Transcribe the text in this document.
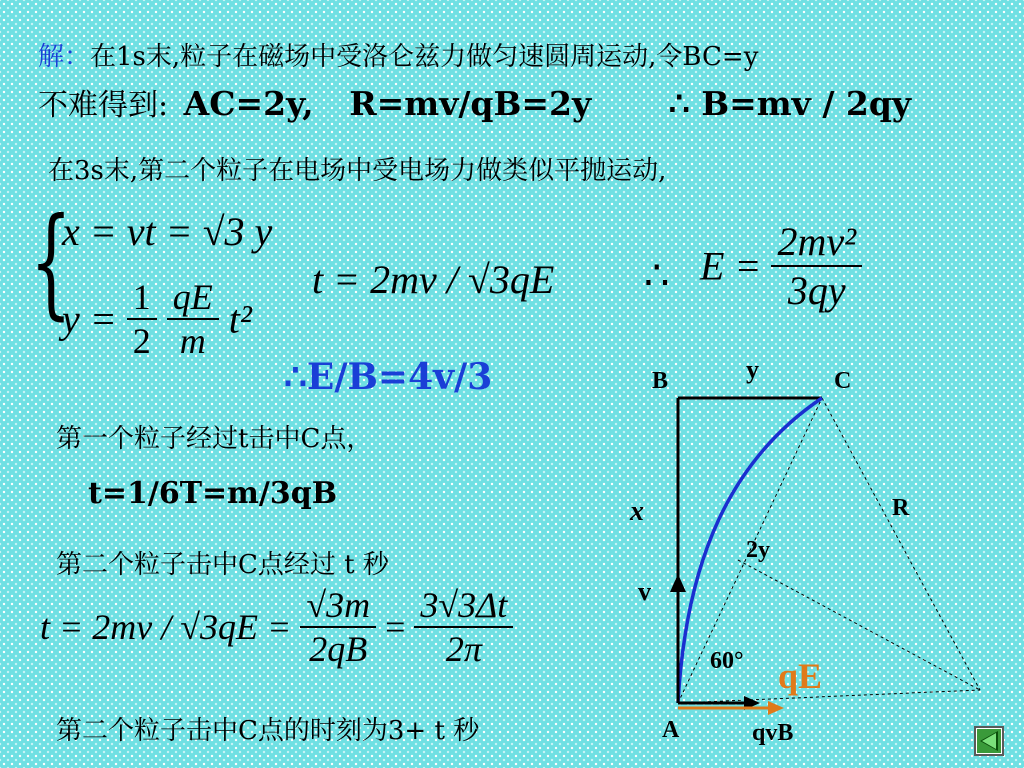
解：在1s末,粒子在磁场中受洛仑兹力做匀速圆周运动,令BC=y
不难得到: AC=2y, R=mv/qB=2y ∴ B=mv / 2qy
在3s末,第二个粒子在电场中受电场力做类似平抛运动,
{
x = vt = √3 y
$y = \frac{1}{2}$
$\frac{qE}{m} t^2$
t = 2mv / √3qE ∴ $E = \frac{\text{2mv²}}{3qy}$
∴E/B=4v/3
第一个粒子经过t击中C点，
t=1/6T=m/3qB
第二个粒子击中C点经过 t 秒
$t = 2mv / √3qE = \frac{√3m}{2qB} = \frac{3√3\Delta t}{2\pi}$
第二个粒子击中C点的时刻为3+ t 秒
B	y	C
x	R
2y
v
60° qE
A	qvB
